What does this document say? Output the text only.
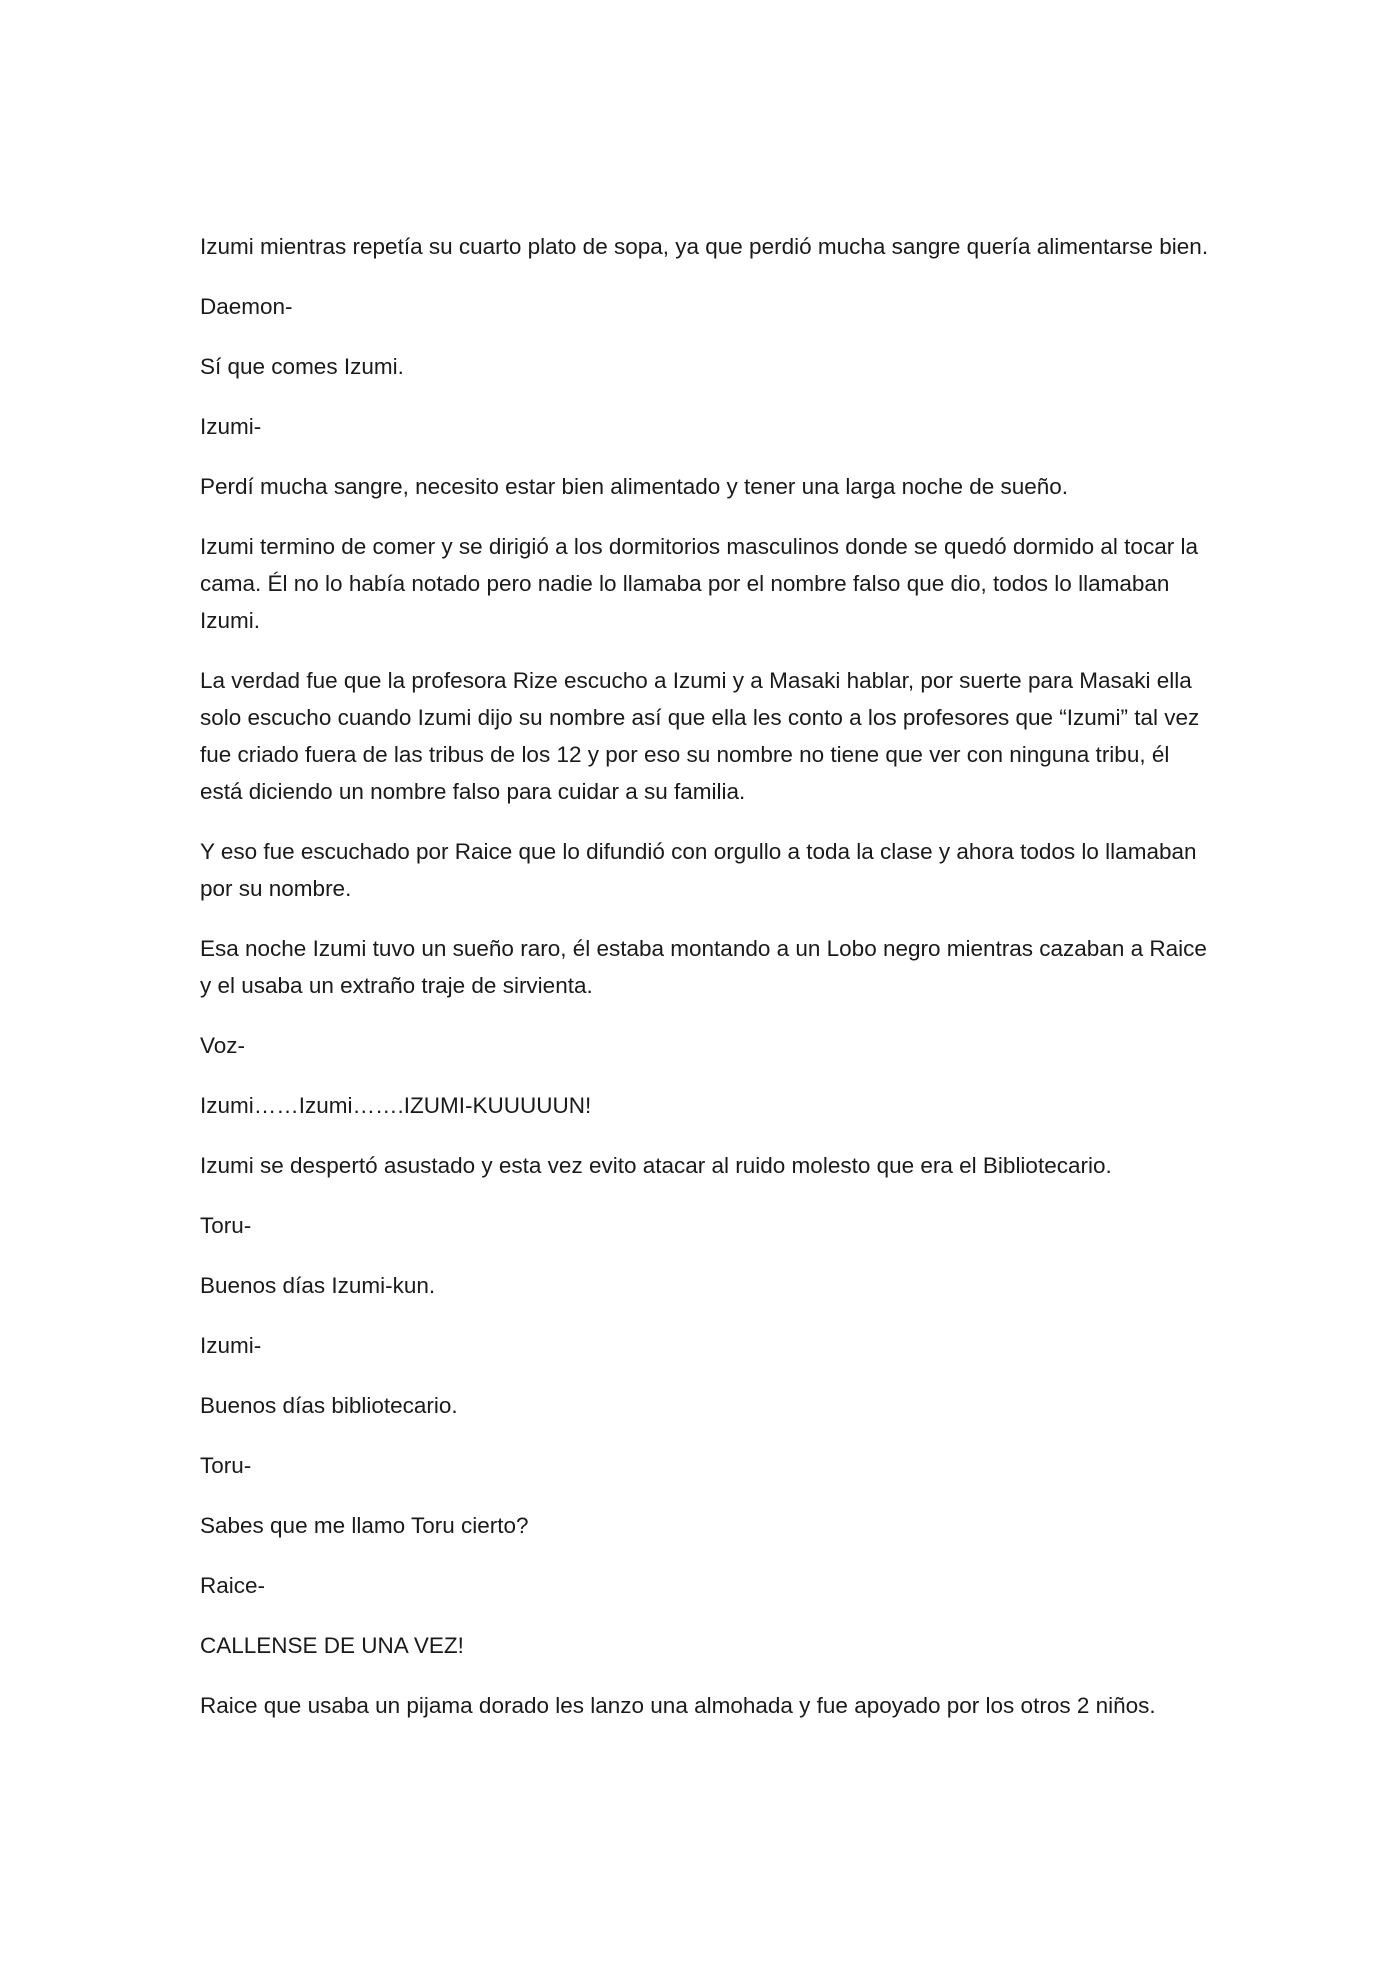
Izumi mientras repetía su cuarto plato de sopa, ya que perdió mucha sangre quería alimentarse bien.

Daemon-

Sí que comes Izumi.

Izumi-

Perdí mucha sangre, necesito estar bien alimentado y tener una larga noche de sueño.

Izumi termino de comer y se dirigió a los dormitorios masculinos donde se quedó dormido al tocar la cama. Él no lo había notado pero nadie lo llamaba por el nombre falso que dio, todos lo llamaban Izumi.

La verdad fue que la profesora Rize escucho a Izumi y a Masaki hablar, por suerte para Masaki ella solo escucho cuando Izumi dijo su nombre así que ella les conto a los profesores que “Izumi” tal vez fue criado fuera de las tribus de los 12 y por eso su nombre no tiene que ver con ninguna tribu, él está diciendo un nombre falso para cuidar a su familia.

Y eso fue escuchado por Raice que lo difundió con orgullo a toda la clase y ahora todos lo llamaban por su nombre.

Esa noche Izumi tuvo un sueño raro, él estaba montando a un Lobo negro mientras cazaban a Raice y el usaba un extraño traje de sirvienta.

Voz-

Izumi……Izumi…….IZUMI-KUUUUUN!

Izumi se despertó asustado y esta vez evito atacar al ruido molesto que era el Bibliotecario.

Toru-

Buenos días Izumi-kun.

Izumi-

Buenos días bibliotecario.

Toru-

Sabes que me llamo Toru cierto?

Raice-

CALLENSE DE UNA VEZ!

Raice que usaba un pijama dorado les lanzo una almohada y fue apoyado por los otros 2 niños.
